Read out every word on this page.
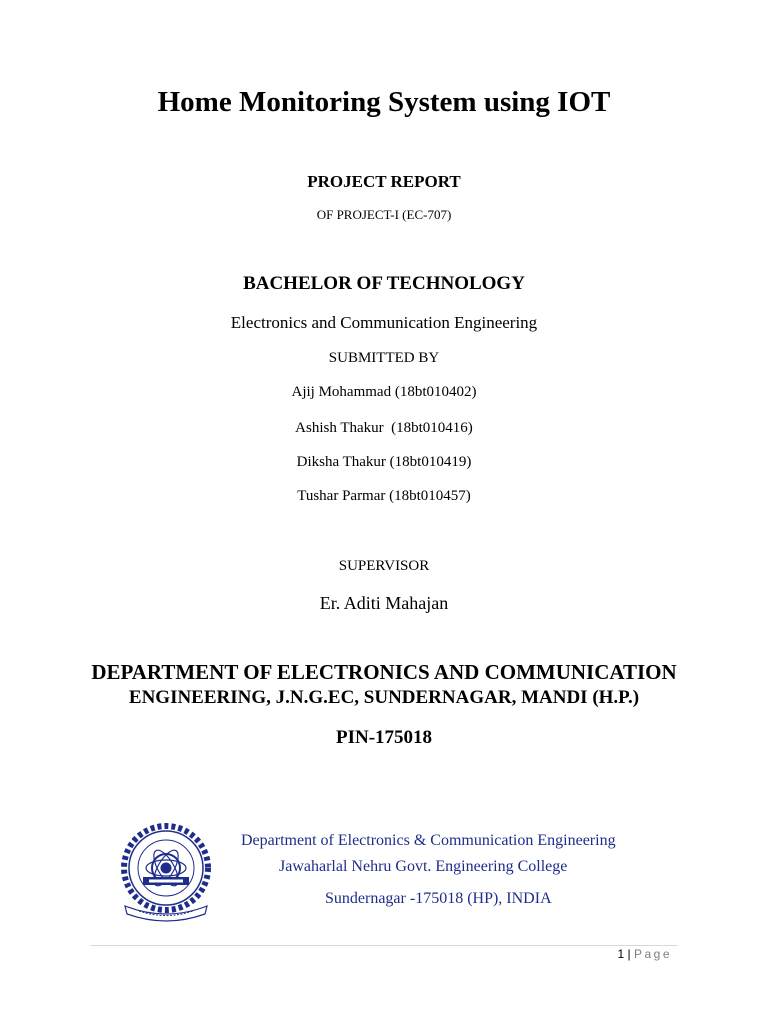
Home Monitoring System using IOT
PROJECT REPORT
OF PROJECT-I (EC-707)
BACHELOR OF TECHNOLOGY
Electronics and Communication Engineering
SUBMITTED BY
Ajij Mohammad (18bt010402)
Ashish Thakur  (18bt010416)
Diksha Thakur (18bt010419)
Tushar Parmar (18bt010457)
SUPERVISOR
Er. Aditi Mahajan
DEPARTMENT OF ELECTRONICS AND COMMUNICATION
ENGINEERING, J.N.G.EC, SUNDERNAGAR, MANDI (H.P.)
PIN-175018
Department of Electronics & Communication Engineering
Jawaharlal Nehru Govt. Engineering College
Sundernagar -175018 (HP), INDIA
1 | Page
